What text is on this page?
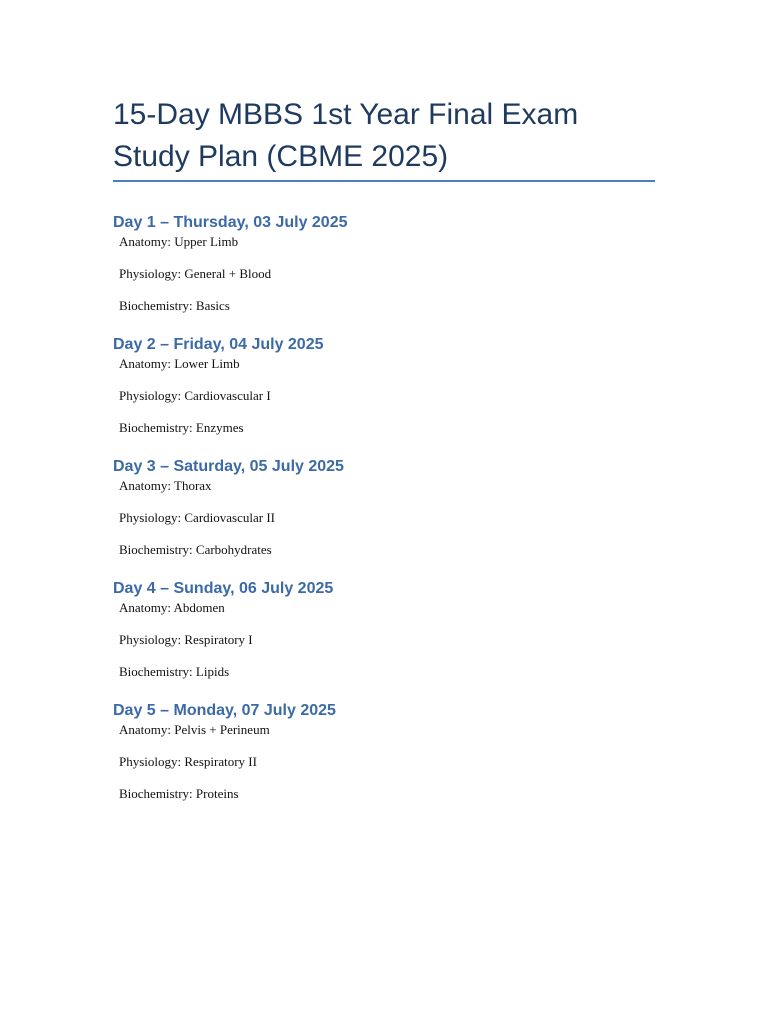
15-Day MBBS 1st Year Final Exam Study Plan (CBME 2025)
Day 1 – Thursday, 03 July 2025
Anatomy: Upper Limb
Physiology: General + Blood
Biochemistry: Basics
Day 2 – Friday, 04 July 2025
Anatomy: Lower Limb
Physiology: Cardiovascular I
Biochemistry: Enzymes
Day 3 – Saturday, 05 July 2025
Anatomy: Thorax
Physiology: Cardiovascular II
Biochemistry: Carbohydrates
Day 4 – Sunday, 06 July 2025
Anatomy: Abdomen
Physiology: Respiratory I
Biochemistry: Lipids
Day 5 – Monday, 07 July 2025
Anatomy: Pelvis + Perineum
Physiology: Respiratory II
Biochemistry: Proteins
